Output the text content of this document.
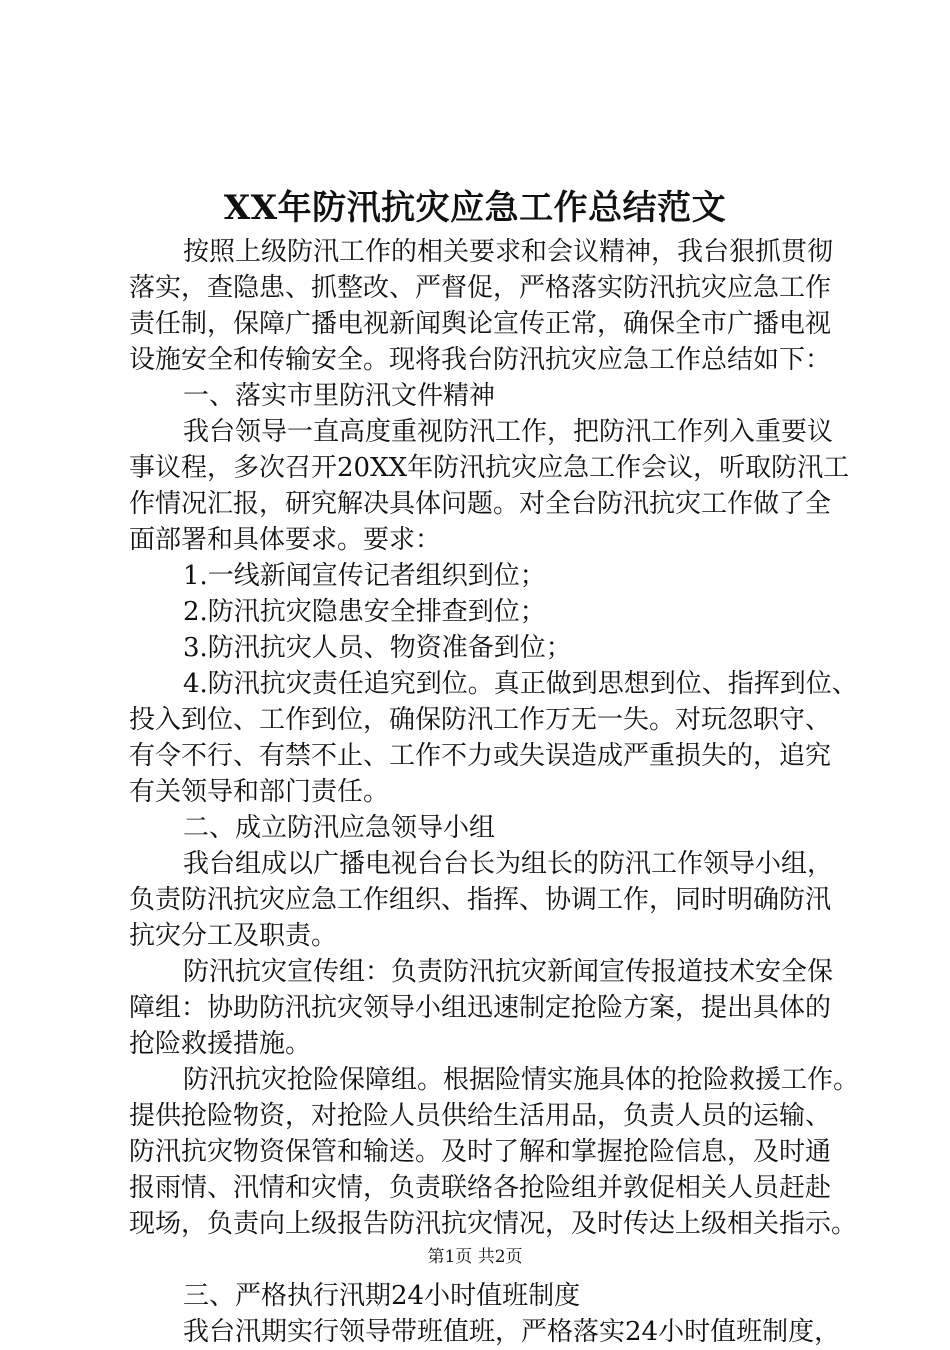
XX年防汛抗灾应急工作总结范文
按照上级防汛工作的相关要求和会议精神，我台狠抓贯彻
落实，查隐患、抓整改、严督促，严格落实防汛抗灾应急工作
责任制，保障广播电视新闻舆论宣传正常，确保全市广播电视
设施安全和传输安全。现将我台防汛抗灾应急工作总结如下：
一、落实市里防汛文件精神
我台领导一直高度重视防汛工作，把防汛工作列入重要议
事议程，多次召开20XX年防汛抗灾应急工作会议，听取防汛工
作情况汇报，研究解决具体问题。对全台防汛抗灾工作做了全
面部署和具体要求。要求：
1.一线新闻宣传记者组织到位；
2.防汛抗灾隐患安全排查到位；
3.防汛抗灾人员、物资准备到位；
4.防汛抗灾责任追究到位。真正做到思想到位、指挥到位、
投入到位、工作到位，确保防汛工作万无一失。对玩忽职守、
有令不行、有禁不止、工作不力或失误造成严重损失的，追究
有关领导和部门责任。
二、成立防汛应急领导小组
我台组成以广播电视台台长为组长的防汛工作领导小组，
负责防汛抗灾应急工作组织、指挥、协调工作，同时明确防汛
抗灾分工及职责。
防汛抗灾宣传组：负责防汛抗灾新闻宣传报道技术安全保
障组：协助防汛抗灾领导小组迅速制定抢险方案，提出具体的
抢险救援措施。
防汛抗灾抢险保障组。根据险情实施具体的抢险救援工作。
提供抢险物资，对抢险人员供给生活用品，负责人员的运输、
防汛抗灾物资保管和输送。及时了解和掌握抢险信息，及时通
报雨情、汛情和灾情，负责联络各抢险组并敦促相关人员赶赴
现场，负责向上级报告防汛抗灾情况，及时传达上级相关指示。
三、严格执行汛期24小时值班制度
我台汛期实行领导带班值班，严格落实24小时值班制度，
第1页 共2页
